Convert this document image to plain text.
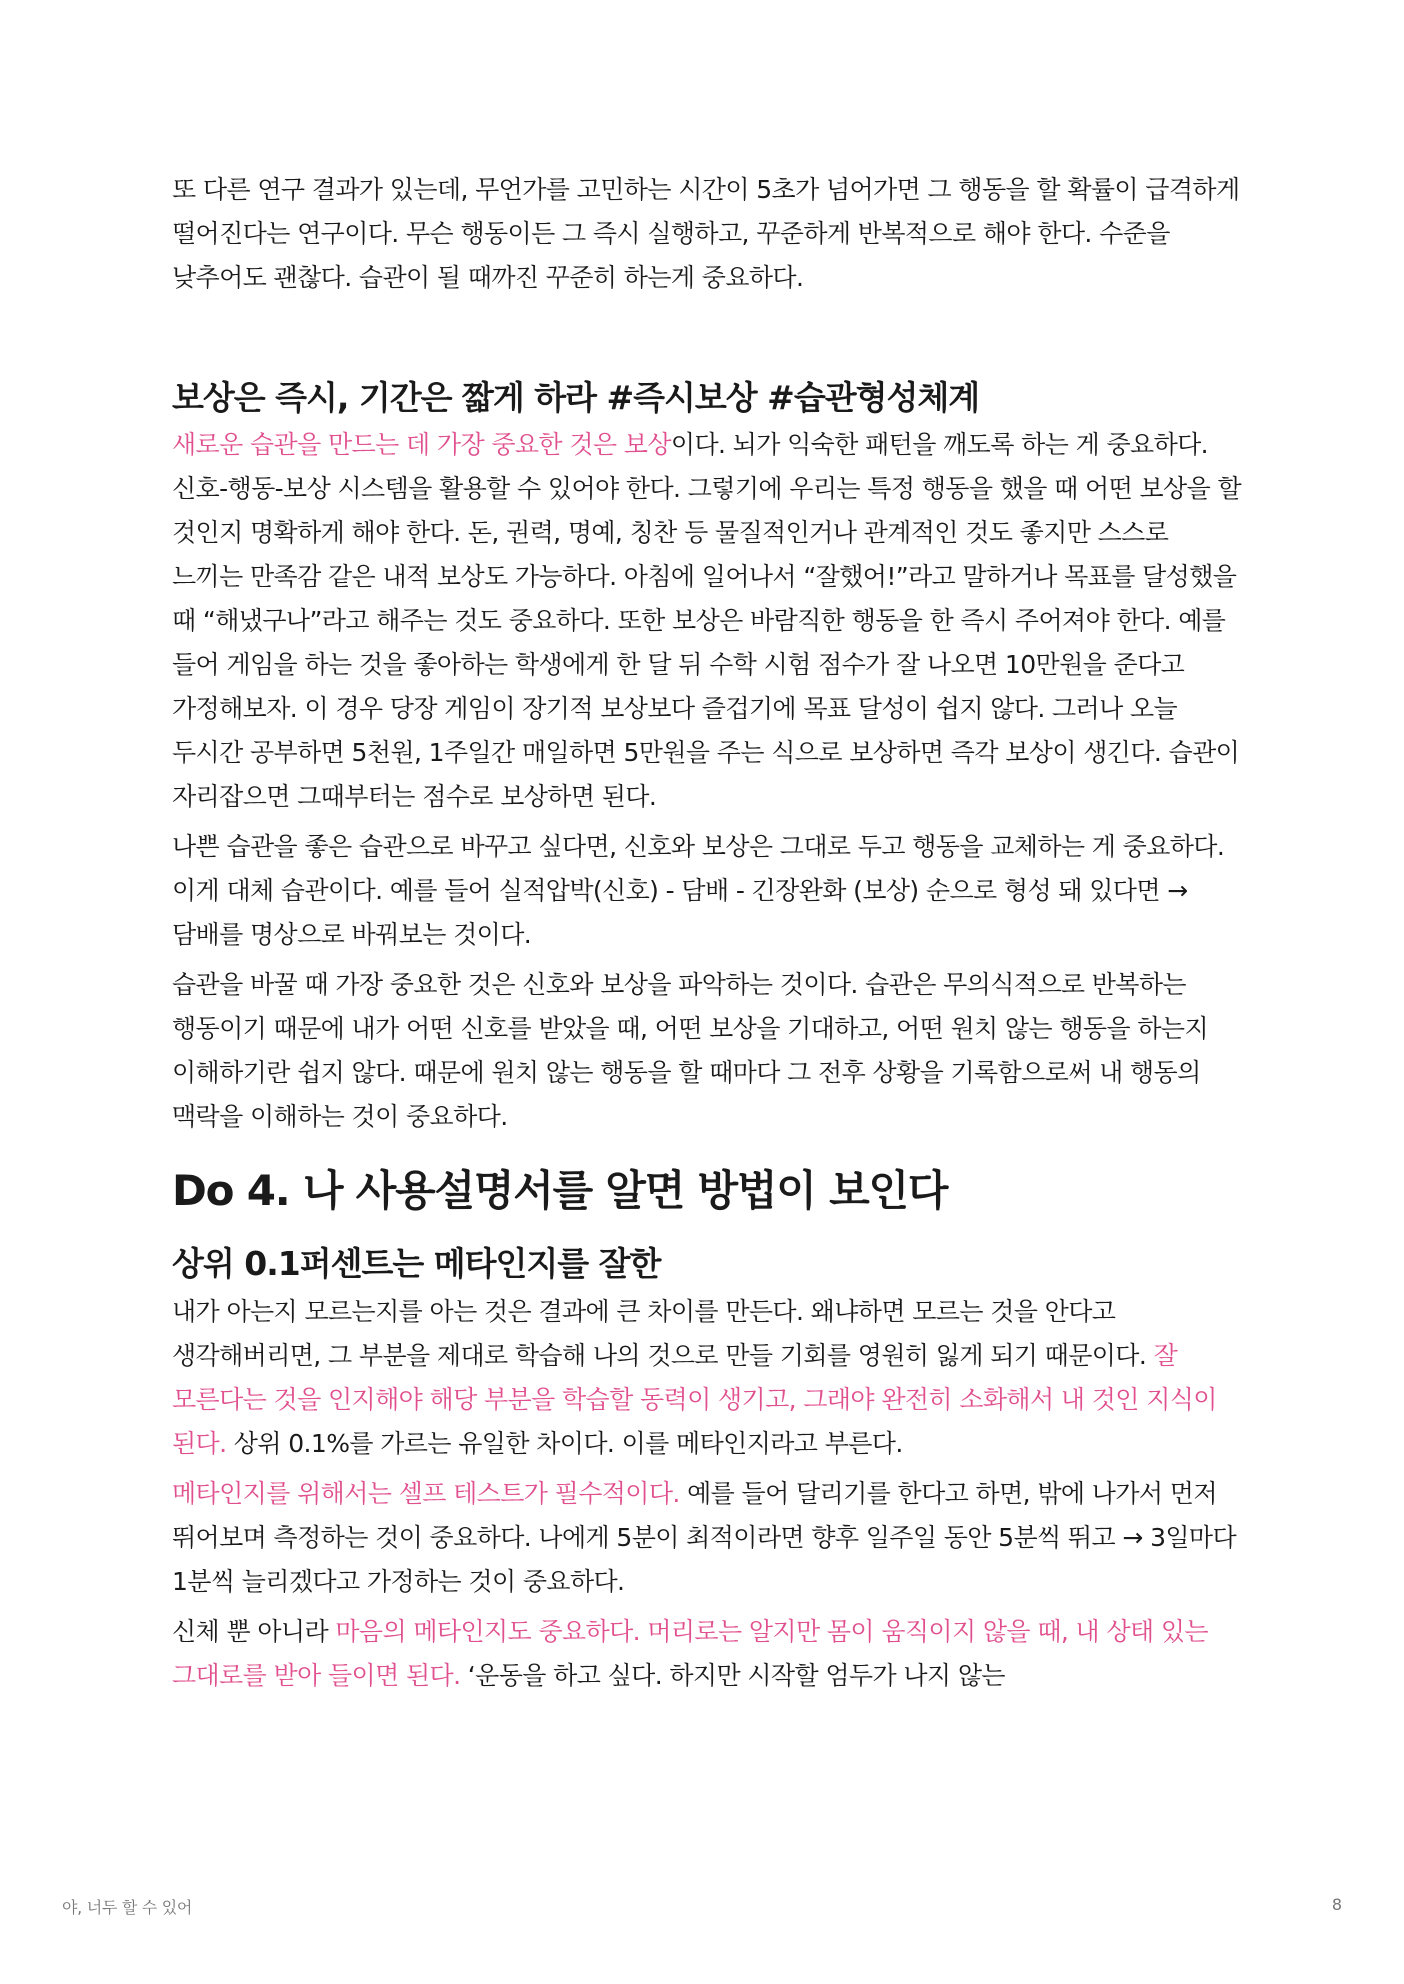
또 다른 연구 결과가 있는데, 무언가를 고민하는 시간이 5초가 넘어가면 그 행동을 할 확률이 급격하게 떨어진다는 연구이다. 무슨 행동이든 그 즉시 실행하고, 꾸준하게 반복적으로 해야 한다. 수준을 낮추어도 괜찮다. 습관이 될 때까진 꾸준히 하는게 중요하다.

보상은 즉시, 기간은 짧게 하라 #즉시보상 #습관형성체계

새로운 습관을 만드는 데 가장 중요한 것은 보상이다. 뇌가 익숙한 패턴을 깨도록 하는 게 중요하다. 신호-행동-보상 시스템을 활용할 수 있어야 한다. 그렇기에 우리는 특정 행동을 했을 때 어떤 보상을 할 것인지 명확하게 해야 한다. 돈, 권력, 명예, 칭찬 등 물질적인거나 관계적인 것도 좋지만 스스로 느끼는 만족감 같은 내적 보상도 가능하다. 아침에 일어나서 “잘했어!”라고 말하거나 목표를 달성했을 때 “해냈구나”라고 해주는 것도 중요하다. 또한 보상은 바람직한 행동을 한 즉시 주어져야 한다. 예를 들어 게임을 하는 것을 좋아하는 학생에게 한 달 뒤 수학 시험 점수가 잘 나오면 10만원을 준다고 가정해보자. 이 경우 당장 게임이 장기적 보상보다 즐겁기에 목표 달성이 쉽지 않다. 그러나 오늘 두시간 공부하면 5천원, 1주일간 매일하면 5만원을 주는 식으로 보상하면 즉각 보상이 생긴다. 습관이 자리잡으면 그때부터는 점수로 보상하면 된다.

나쁜 습관을 좋은 습관으로 바꾸고 싶다면, 신호와 보상은 그대로 두고 행동을 교체하는 게 중요하다. 이게 대체 습관이다. 예를 들어 실적압박(신호) - 담배 - 긴장완화 (보상) 순으로 형성 돼 있다면 → 담배를 명상으로 바꿔보는 것이다.

습관을 바꿀 때 가장 중요한 것은 신호와 보상을 파악하는 것이다. 습관은 무의식적으로 반복하는 행동이기 때문에 내가 어떤 신호를 받았을 때, 어떤 보상을 기대하고, 어떤 원치 않는 행동을 하는지 이해하기란 쉽지 않다. 때문에 원치 않는 행동을 할 때마다 그 전후 상황을 기록함으로써 내 행동의 맥락을 이해하는 것이 중요하다.

Do 4. 나 사용설명서를 알면 방법이 보인다
상위 0.1퍼센트는 메타인지를 잘한

내가 아는지 모르는지를 아는 것은 결과에 큰 차이를 만든다. 왜냐하면 모르는 것을 안다고 생각해버리면, 그 부분을 제대로 학습해 나의 것으로 만들 기회를 영원히 잃게 되기 때문이다. 잘 모른다는 것을 인지해야 해당 부분을 학습할 동력이 생기고, 그래야 완전히 소화해서 내 것인 지식이 된다. 상위 0.1%를 가르는 유일한 차이다. 이를 메타인지라고 부른다.

메타인지를 위해서는 셀프 테스트가 필수적이다. 예를 들어 달리기를 한다고 하면, 밖에 나가서 먼저 뛰어보며 측정하는 것이 중요하다. 나에게 5분이 최적이라면 향후 일주일 동안 5분씩 뛰고 → 3일마다 1분씩 늘리겠다고 가정하는 것이 중요하다.

신체 뿐 아니라 마음의 메타인지도 중요하다. 머리로는 알지만 몸이 움직이지 않을 때, 내 상태 있는 그대로를 받아 들이면 된다. ‘운동을 하고 싶다. 하지만 시작할 엄두가 나지 않는

야, 너두 할 수 있어	8
